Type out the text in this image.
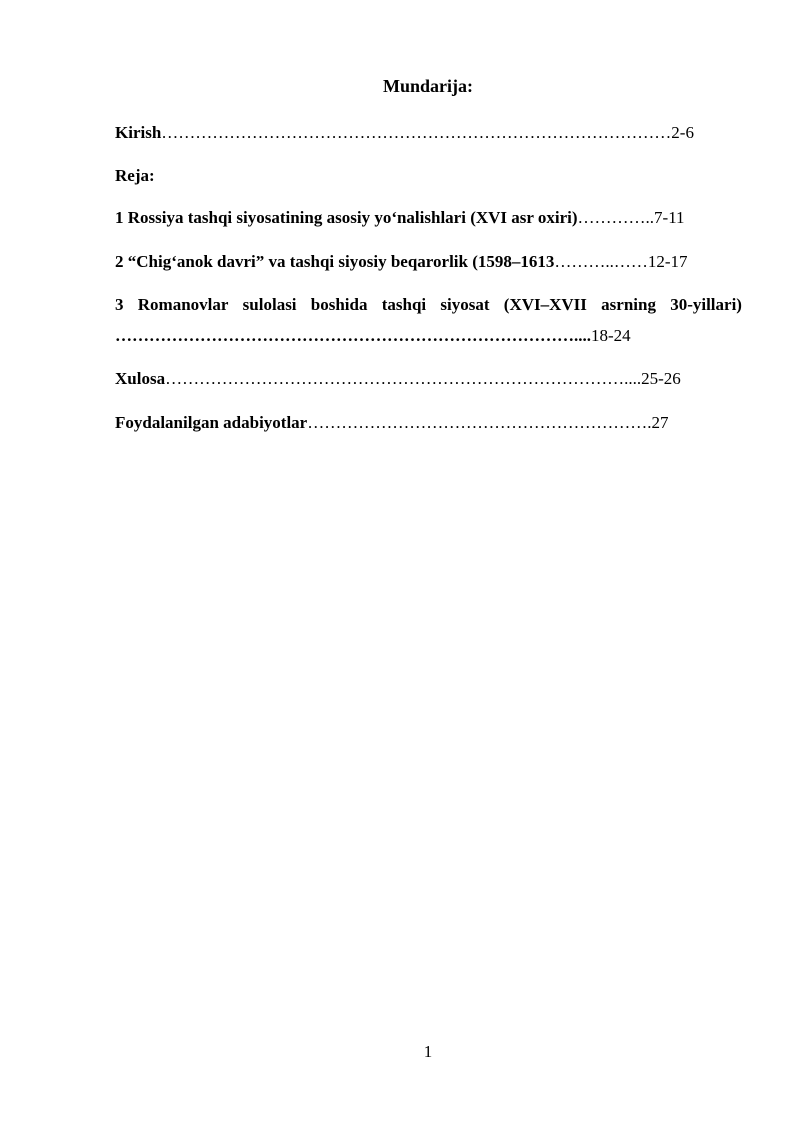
Mundarija:
Kirish………………………………………………………………………………2-6
Reja:
1 Rossiya tashqi siyosatining asosiy yo‘nalishlari (XVI asr oxiri)…………..7-11
2 “Chig‘anok davri” va tashqi siyosiy beqarorlik (1598–1613………..……12-17
3 Romanovlar sulolasi boshida tashqi siyosat (XVI–XVII asrning 30-yillari)
………………………………………………………………………....18-24
Xulosa………………………………………………………………………....25-26
Foydalanilgan adabiyotlar…………………………………………………….27
1
